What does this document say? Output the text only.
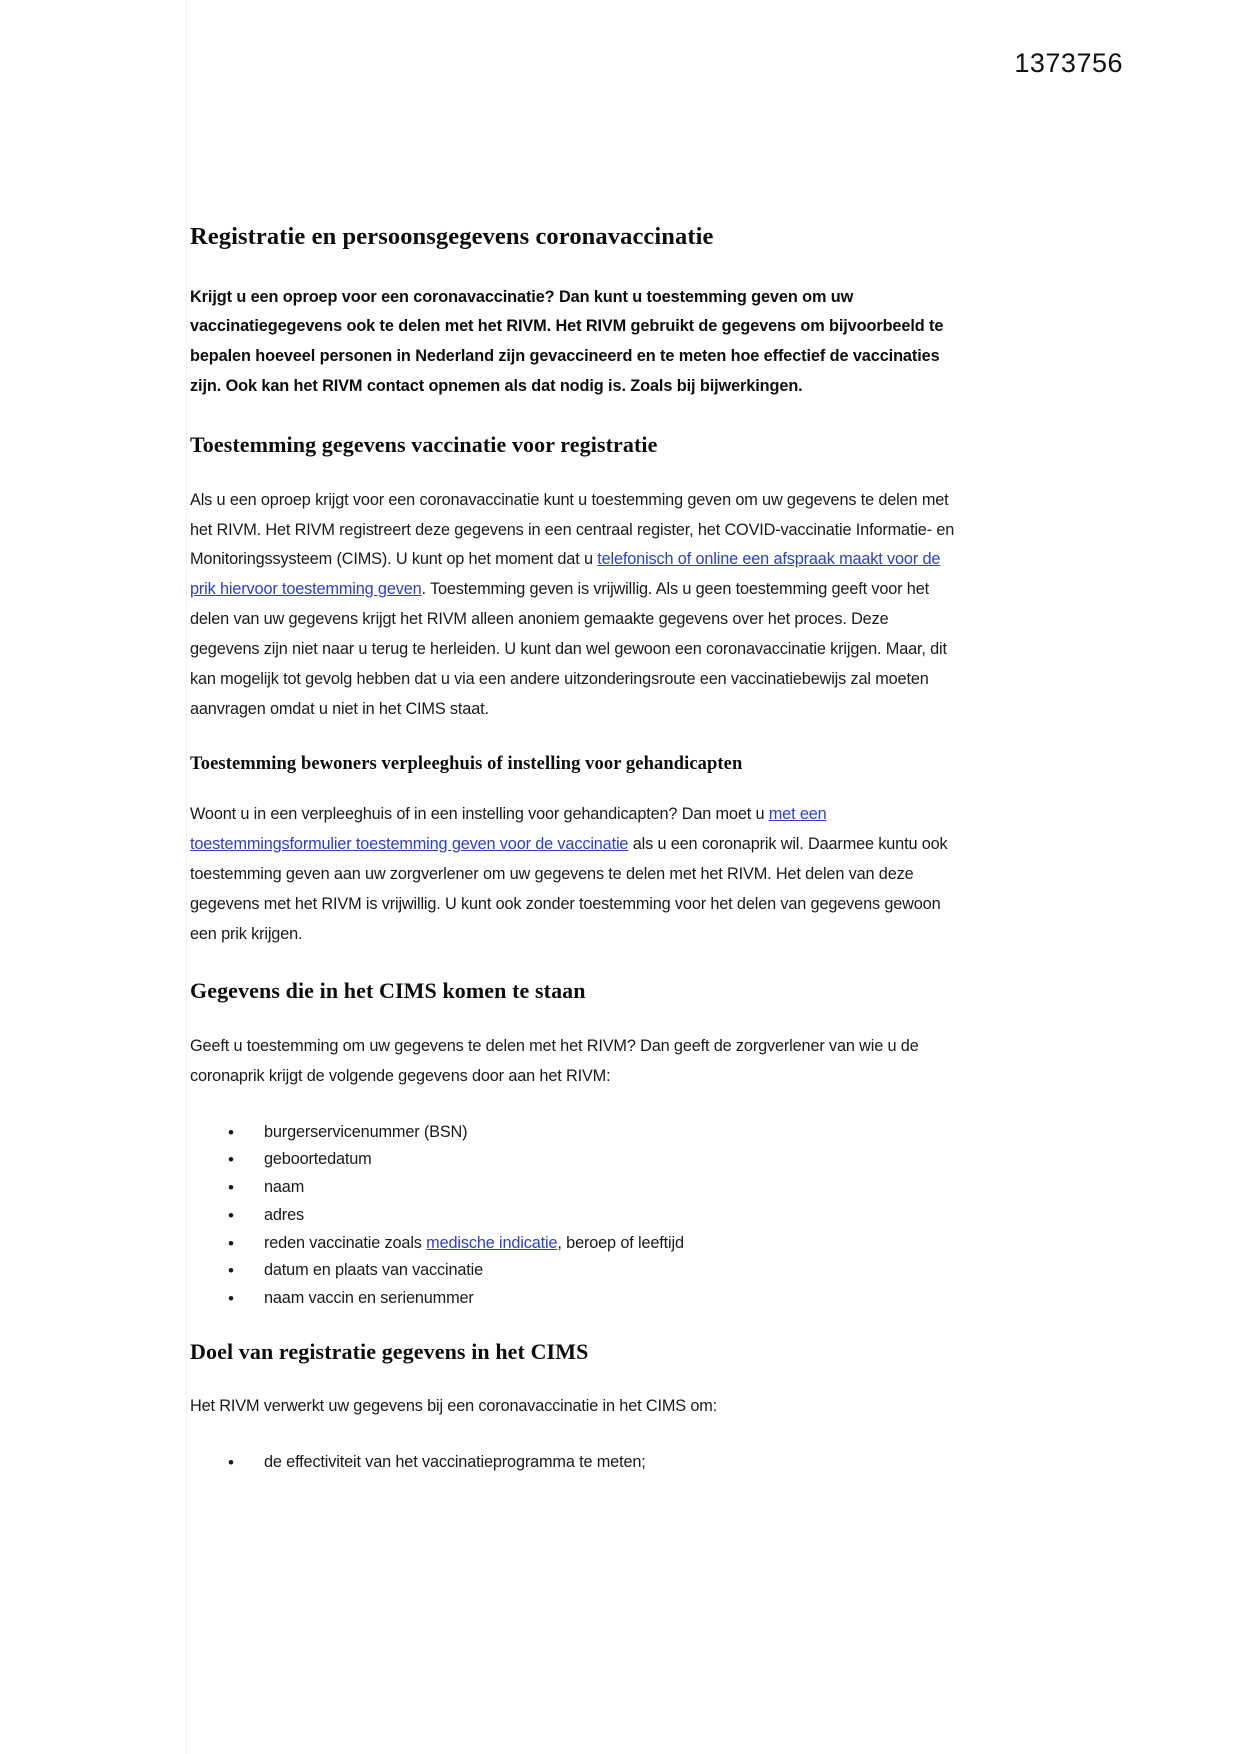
1373756
Registratie en persoonsgegevens coronavaccinatie

Krijgt u een oproep voor een coronavaccinatie? Dan kunt u toestemming geven om uw vaccinatiegegevens ook te delen met het RIVM. Het RIVM gebruikt de gegevens om bijvoorbeeld te bepalen hoeveel personen in Nederland zijn gevaccineerd en te meten hoe effectief de vaccinaties zijn. Ook kan het RIVM contact opnemen als dat nodig is. Zoals bij bijwerkingen.

Toestemming gegevens vaccinatie voor registratie

Als u een oproep krijgt voor een coronavaccinatie kunt u toestemming geven om uw gegevens te delen met het RIVM. Het RIVM registreert deze gegevens in een centraal register, het COVID-vaccinatie Informatie- en Monitoringssysteem (CIMS). U kunt op het moment dat u telefonisch of online een afspraak maakt voor de prik hiervoor toestemming geven. Toestemming geven is vrijwillig. Als u geen toestemming geeft voor het delen van uw gegevens krijgt het RIVM alleen anoniem gemaakte gegevens over het proces. Deze gegevens zijn niet naar u terug te herleiden. U kunt dan wel gewoon een coronavaccinatie krijgen. Maar, dit kan mogelijk tot gevolg hebben dat u via een andere uitzonderingsroute een vaccinatiebewijs zal moeten aanvragen omdat u niet in het CIMS staat.

Toestemming bewoners verpleeghuis of instelling voor gehandicapten

Woont u in een verpleeghuis of in een instelling voor gehandicapten? Dan moet u met een toestemmingsformulier toestemming geven voor de vaccinatie als u een coronaprik wil. Daarmee kuntu ook toestemming geven aan uw zorgverlener om uw gegevens te delen met het RIVM. Het delen van deze gegevens met het RIVM is vrijwillig. U kunt ook zonder toestemming voor het delen van gegevens gewoon een prik krijgen.

Gegevens die in het CIMS komen te staan

Geeft u toestemming om uw gegevens te delen met het RIVM? Dan geeft de zorgverlener van wie u de coronaprik krijgt de volgende gegevens door aan het RIVM:

•
burgerservicenummer (BSN)
•
geboortedatum
•
naam
•
adres
•
reden vaccinatie zoals medische indicatie, beroep of leeftijd
•
datum en plaats van vaccinatie
•
naam vaccin en serienummer
Doel van registratie gegevens in het CIMS

Het RIVM verwerkt uw gegevens bij een coronavaccinatie in het CIMS om:

•
de effectiviteit van het vaccinatieprogramma te meten;
